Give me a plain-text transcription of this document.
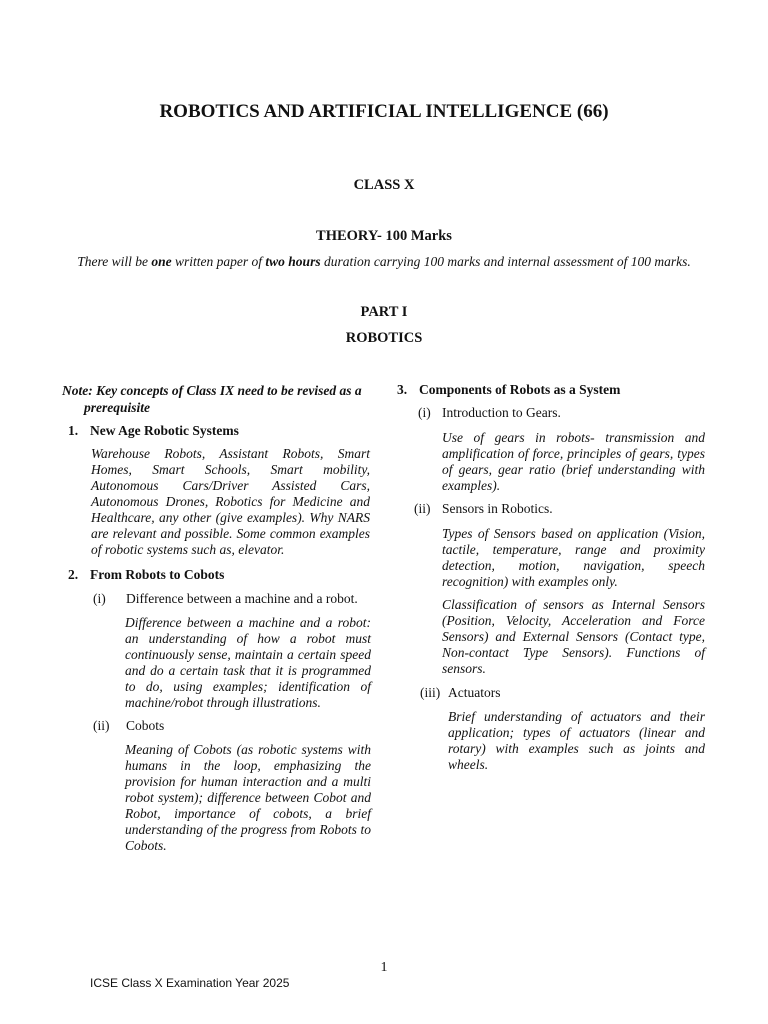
ROBOTICS AND ARTIFICIAL INTELLIGENCE (66)
CLASS X
THEORY- 100 Marks
There will be one written paper of two hours duration carrying 100 marks and internal assessment of 100 marks.
PART I
ROBOTICS
Note: Key concepts of Class IX need to be revised as a
prerequisite
1. New Age Robotic Systems
Warehouse Robots, Assistant Robots, Smart Homes, Smart Schools, Smart mobility, Autonomous Cars/Driver Assisted Cars, Autonomous Drones, Robotics for Medicine and Healthcare, any other (give examples). Why NARS are relevant and possible. Some common examples of robotic systems such as, elevator.
2. From Robots to Cobots
(i) Difference between a machine and a robot.
Difference between a machine and a robot: an understanding of how a robot must continuously sense, maintain a certain speed and do a certain task that it is programmed to do, using examples; identification of machine/robot through illustrations.
(ii) Cobots
Meaning of Cobots (as robotic systems with humans in the loop, emphasizing the provision for human interaction and a multi robot system); difference between Cobot and Robot, importance of cobots, a brief understanding of the progress from Robots to Cobots.
3. Components of Robots as a System
(i) Introduction to Gears.
Use of gears in robots- transmission and amplification of force, principles of gears, types of gears, gear ratio (brief understanding with examples).
(ii) Sensors in Robotics.
Types of Sensors based on application (Vision, tactile, temperature, range and proximity detection, motion, navigation, speech recognition) with examples only.
Classification of sensors as Internal Sensors (Position, Velocity, Acceleration and Force Sensors) and External Sensors (Contact type, Non-contact Type Sensors). Functions of sensors.
(iii) Actuators
Brief understanding of actuators and their application; types of actuators (linear and rotary) with examples such as joints and wheels.
1
ICSE Class X Examination Year 2025
